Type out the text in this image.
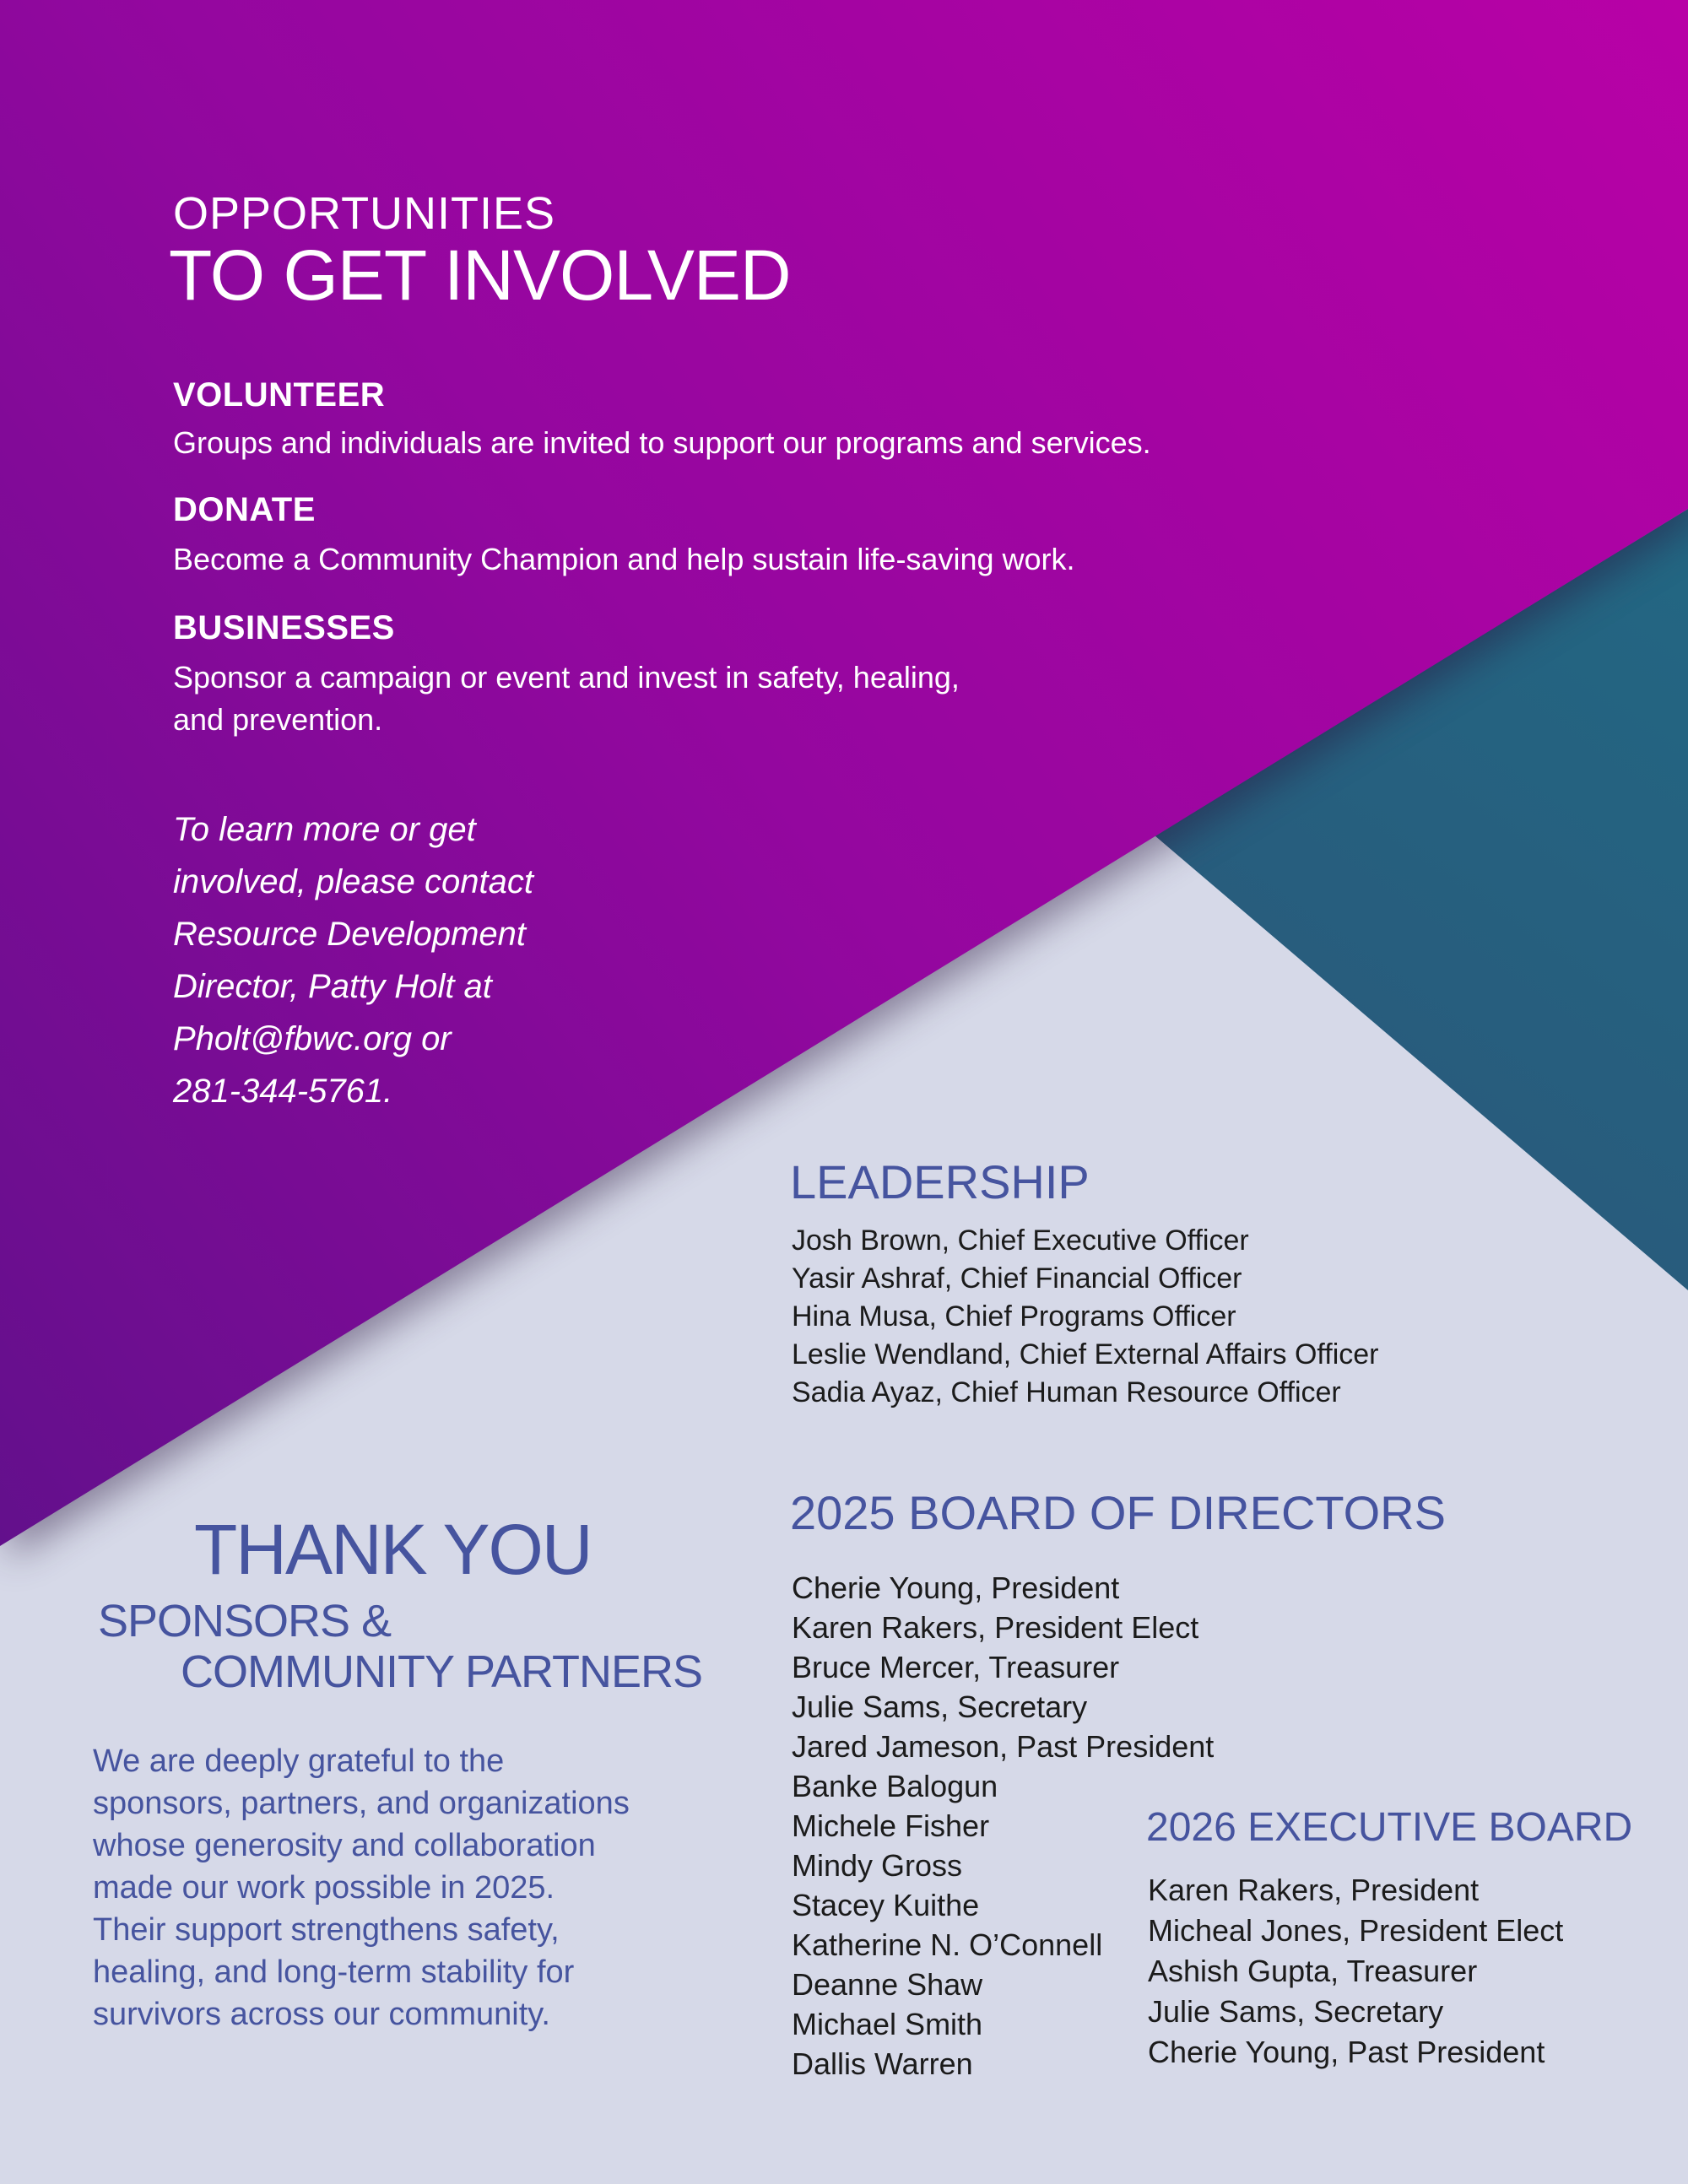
OPPORTUNITIES
TO GET INVOLVED
VOLUNTEER
Groups and individuals are invited to support our programs and services.
DONATE
Become a Community Champion and help sustain life-saving work.
BUSINESSES
Sponsor a campaign or event and invest in safety, healing,
and prevention.
To learn more or get
involved, please contact
Resource Development
Director, Patty Holt at
Pholt@fbwc.org or
281-344-5761.
LEADERSHIP
Josh Brown, Chief Executive Officer
Yasir Ashraf, Chief Financial Officer
Hina Musa, Chief Programs Officer
Leslie Wendland, Chief External Affairs Officer
Sadia Ayaz, Chief Human Resource Officer
THANK YOU
SPONSORS &
COMMUNITY PARTNERS
We are deeply grateful to the
sponsors, partners, and organizations
whose generosity and collaboration
made our work possible in 2025.
Their support strengthens safety,
healing, and long-term stability for
survivors across our community.
2025 BOARD OF DIRECTORS
Cherie Young, President
Karen Rakers, President Elect
Bruce Mercer, Treasurer
Julie Sams, Secretary
Jared Jameson, Past President
Banke Balogun
Michele Fisher
Mindy Gross
Stacey Kuithe
Katherine N. O’Connell
Deanne Shaw
Michael Smith
Dallis Warren
2026 EXECUTIVE BOARD
Karen Rakers, President
Micheal Jones, President Elect
Ashish Gupta, Treasurer
Julie Sams, Secretary
Cherie Young, Past President
